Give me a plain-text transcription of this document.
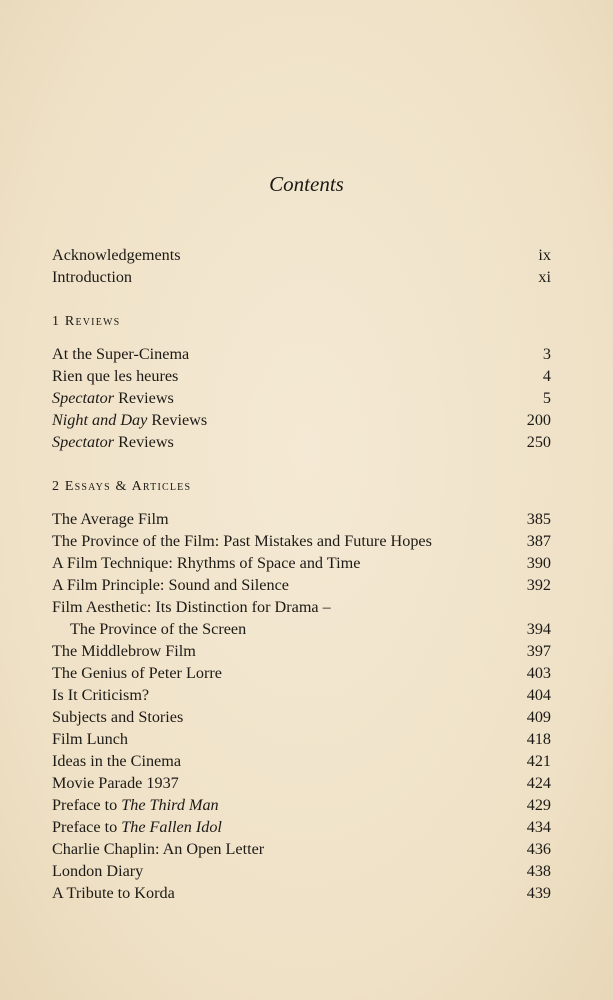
Contents
Acknowledgements	ix
Introduction	xi
1 Reviews
At the Super-Cinema	3
Rien que les heures	4
Spectator Reviews	5
Night and Day Reviews	200
Spectator Reviews	250
2 Essays & Articles
The Average Film	385
The Province of the Film: Past Mistakes and Future Hopes	387
A Film Technique: Rhythms of Space and Time	390
A Film Principle: Sound and Silence	392
Film Aesthetic: Its Distinction for Drama –
The Province of the Screen	394
The Middlebrow Film	397
The Genius of Peter Lorre	403
Is It Criticism?	404
Subjects and Stories	409
Film Lunch	418
Ideas in the Cinema	421
Movie Parade 1937	424
Preface to The Third Man	429
Preface to The Fallen Idol	434
Charlie Chaplin: An Open Letter	436
London Diary	438
A Tribute to Korda	439
